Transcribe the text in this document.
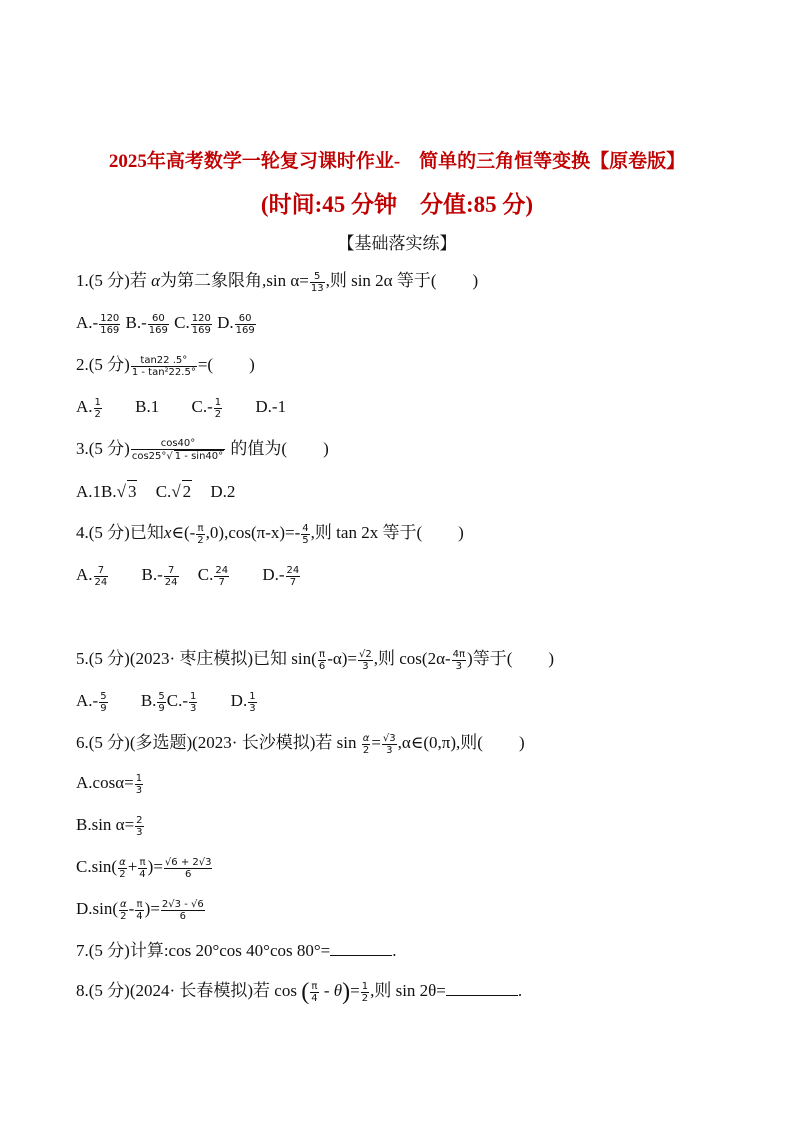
2025年高考数学一轮复习课时作业-　简单的三角恒等变换【原卷版】
(时间:45 分钟　分值:85 分)
【基础落实练】
1.(5 分)若 α为第二象限角,sin $\alpha= \frac{5}{13}$ ,则 sin 2α 等于( )
$A.- \frac{120}{169} B.- \frac{60}{169} C$. $\frac{120}{169} D$. $\frac{60}{169}$
2.(5 分) $\frac{\tan 22 .5^\circ}{\text{1 - tan²22.5°}}$ =( )
A. $\frac{1}{2} B.1$ $C.- \frac{1}{2} D.-1$
3.(5 分) $\frac{\cos 40^\circ}{\cos 25^\circ√ 1 - \sin 40^\circ}$ 的值为( )
A.1B.√ 3 C.√ 2 D.2
4.(5 分)已知x∈(- $\frac{\pi}{2} ,0),\cos(\pi-x)=- \frac{4}{5}$ ,则 tan 2x 等于( )
A. $\frac{7}{24} B.- \frac{7}{24} C$. $\frac{24}{7} D.- \frac{24}{7}$
5.(5 分)(2023· 枣庄模拟)已知 $\sin( \frac{\pi}{6} -\alpha)= \frac{√2}{3}$ ,则 $\cos(2\alpha- \frac{4\pi}{3}$ )等于( )
$A.- \frac{5}{9} B$. $\frac{5}{9} C.- \frac{1}{3} D$. $\frac{1}{3}$
6.(5 分)(多选题)(2023· 长沙模拟)若 $\sin \frac{\alpha}{2} = \frac{√3}{3}$ ,α∈(0,π),则( )
$A.\cos\alpha= \frac{1}{3}$
B.sin $\alpha= \frac{2}{3}$
$C.\sin( \frac{\alpha}{2} + \frac{\pi}{4}$ )= $\frac{√6 + 2√3}{6}$
$D.\sin( \frac{\alpha}{2} - \frac{\pi}{4}$ )= $\frac{2√3 - √6}{6}$
7.(5 分)计算:cos 20°cos 40°cos 80°=	.
8.(5 分)(2024· 长春模拟)若 cos ( $\frac{\pi}{4} - \theta)= \frac{1}{2}$ ,则 sin 2θ=	.
